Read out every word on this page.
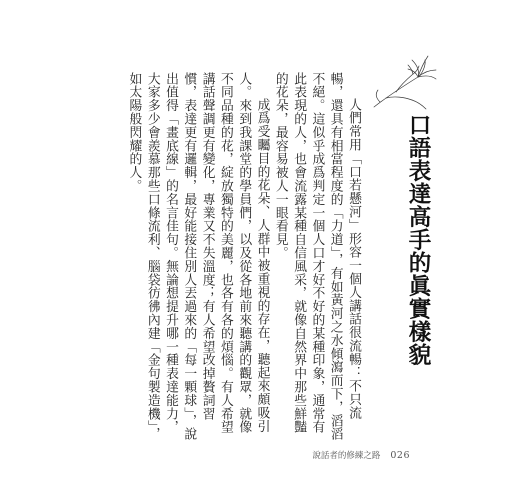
口語表達高手的眞實樣貌

人們常用「口若懸河」形容一個人講話很流暢：不只流暢，還具有相當程度的「力道」，有如黃河之水傾瀉而下，滔滔不絕。這似乎成爲判定一個人口才好不好的某種印象，通常有此表現的人，也會流露某種自信風采，就像自然界中那些鮮豔的花朵，最容易被人一眼看見。

成爲受矚目的花朵、人群中被重視的存在，聽起來頗吸引人。來到我課堂的學員們，以及從各地前來聽講的觀眾，就像不同品種的花，綻放獨特的美麗，也各有各的煩惱。有人希望講話聲調更有變化，專業又不失溫度；有人希望改掉贅詞習慣，表達更有邏輯，最好能接住別人丟過來的「每一顆球」，說出值得「畫底線」的名言佳句。無論想提升哪一種表達能力，大家多少會羨慕那些口條流利、腦袋彷彿內建「金句製造機」，如太陽般閃耀的人。

說話者的修練之路 026
